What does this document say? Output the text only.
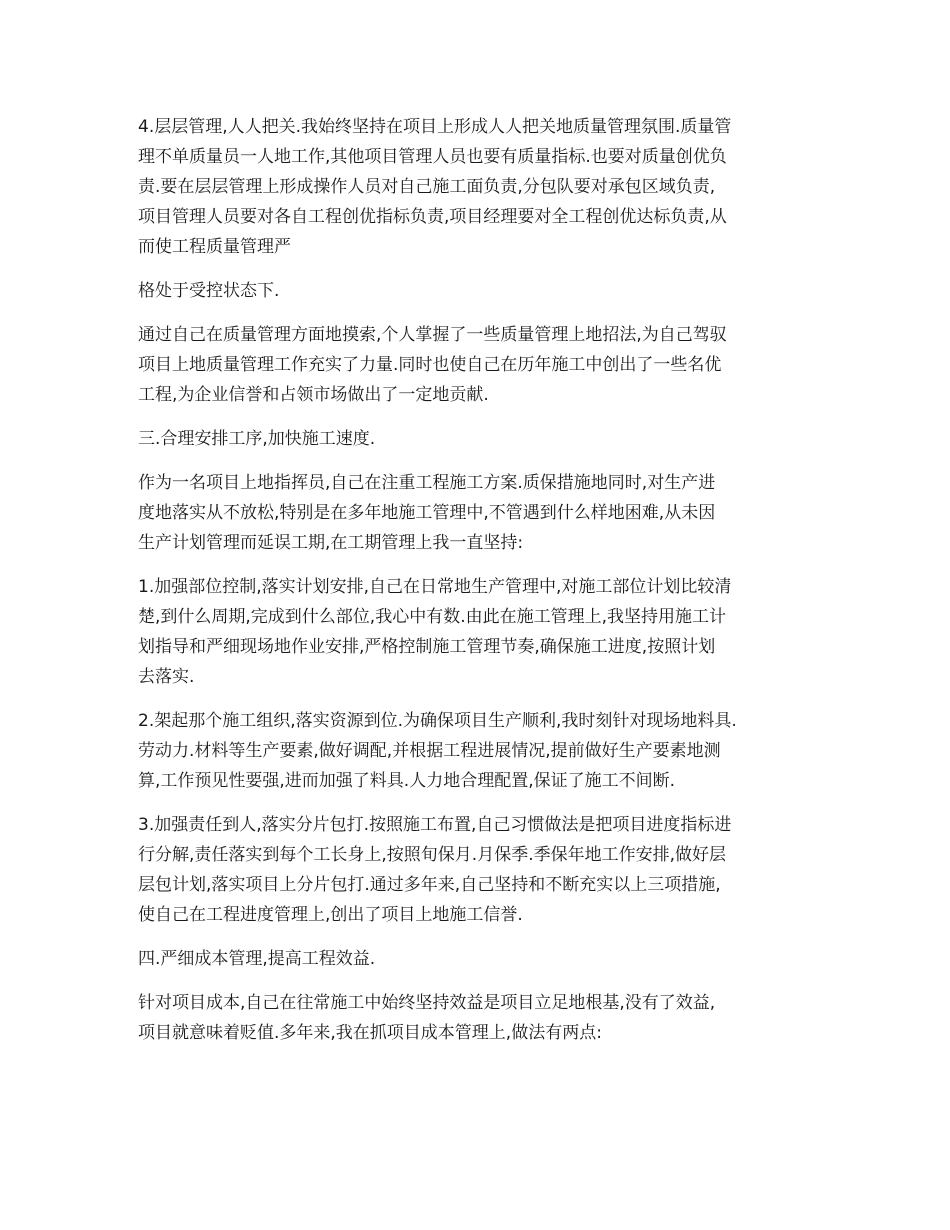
4.层层管理,人人把关.我始终坚持在项目上形成人人把关地质量管理氛围.质量管
理不单质量员一人地工作,其他项目管理人员也要有质量指标.也要对质量创优负
责.要在层层管理上形成操作人员对自己施工面负责,分包队要对承包区域负责,
项目管理人员要对各自工程创优指标负责,项目经理要对全工程创优达标负责,从
而使工程质量管理严

格处于受控状态下.

通过自己在质量管理方面地摸索,个人掌握了一些质量管理上地招法,为自己驾驭
项目上地质量管理工作充实了力量.同时也使自己在历年施工中创出了一些名优
工程,为企业信誉和占领市场做出了一定地贡献.

三.合理安排工序,加快施工速度.

作为一名项目上地指挥员,自己在注重工程施工方案.质保措施地同时,对生产进
度地落实从不放松,特别是在多年地施工管理中,不管遇到什么样地困难,从未因
生产计划管理而延误工期,在工期管理上我一直坚持:

1.加强部位控制,落实计划安排,自己在日常地生产管理中,对施工部位计划比较清
楚,到什么周期,完成到什么部位,我心中有数.由此在施工管理上,我坚持用施工计
划指导和严细现场地作业安排,严格控制施工管理节奏,确保施工进度,按照计划
去落实.

2.架起那个施工组织,落实资源到位.为确保项目生产顺利,我时刻针对现场地料具.
劳动力.材料等生产要素,做好调配,并根据工程进展情况,提前做好生产要素地测
算,工作预见性要强,进而加强了料具.人力地合理配置,保证了施工不间断.

3.加强责任到人,落实分片包打.按照施工布置,自己习惯做法是把项目进度指标进
行分解,责任落实到每个工长身上,按照旬保月.月保季.季保年地工作安排,做好层
层包计划,落实项目上分片包打.通过多年来,自己坚持和不断充实以上三项措施,
使自己在工程进度管理上,创出了项目上地施工信誉.

四.严细成本管理,提高工程效益.

针对项目成本,自己在往常施工中始终坚持效益是项目立足地根基,没有了效益,
项目就意味着贬值.多年来,我在抓项目成本管理上,做法有两点:
